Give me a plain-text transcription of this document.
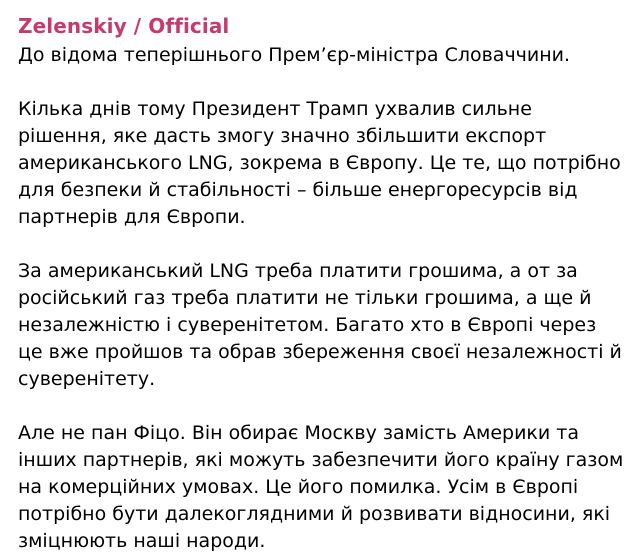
Zelenskiy / Official
До відома теперішнього Прем’єр-міністра Словаччини.
Кілька днів тому Президент Трамп ухвалив сильне рішення, яке дасть змогу значно збільшити експорт американського LNG, зокрема в Європу. Це те, що потрібно для безпеки й стабільності – більше енергоресурсів від партнерів для Європи.
За американський LNG треба платити грошима, а от за російський газ треба платити не тільки грошима, а ще й незалежністю і суверенітетом. Багато хто в Європі через це вже пройшов та обрав збереження своєї незалежності й суверенітету.
Але не пан Фіцо. Він обирає Москву замість Америки та інших партнерів, які можуть забезпечити його країну газом на комерційних умовах. Це його помилка. Усім в Європі потрібно бути далекоглядними й розвивати відносини, які зміцнюють наші народи.
